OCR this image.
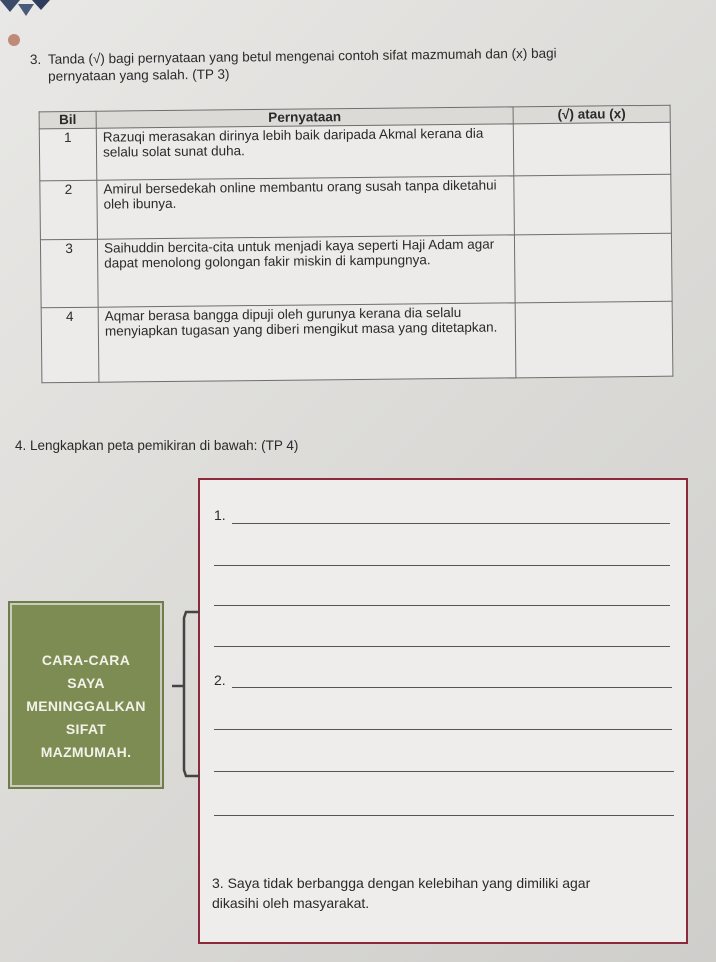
3. Tanda (√) bagi pernyataan yang betul mengenai contoh sifat mazmumah dan (x) bagi
pernyataan yang salah. (TP 3)
Bil	Pernyataan	(√) atau (x)
1	Razuqi merasakan dirinya lebih baik daripada Akmal kerana dia selalu solat sunat duha.	
2	Amirul bersedekah online membantu orang susah tanpa diketahui oleh ibunya.	
3	Saihuddin bercita-cita untuk menjadi kaya seperti Haji Adam agar dapat menolong golongan fakir miskin di kampungnya.	
4	Aqmar berasa bangga dipuji oleh gurunya kerana dia selalu menyiapkan tugasan yang diberi mengikut masa yang ditetapkan.	
4. Lengkapkan peta pemikiran di bawah: (TP 4)
1.
2.
3. Saya tidak berbangga dengan kelebihan yang dimiliki agar
dikasihi oleh masyarakat.
CARA-CARA
SAYA
MENINGGALKAN
SIFAT
MAZMUMAH.
